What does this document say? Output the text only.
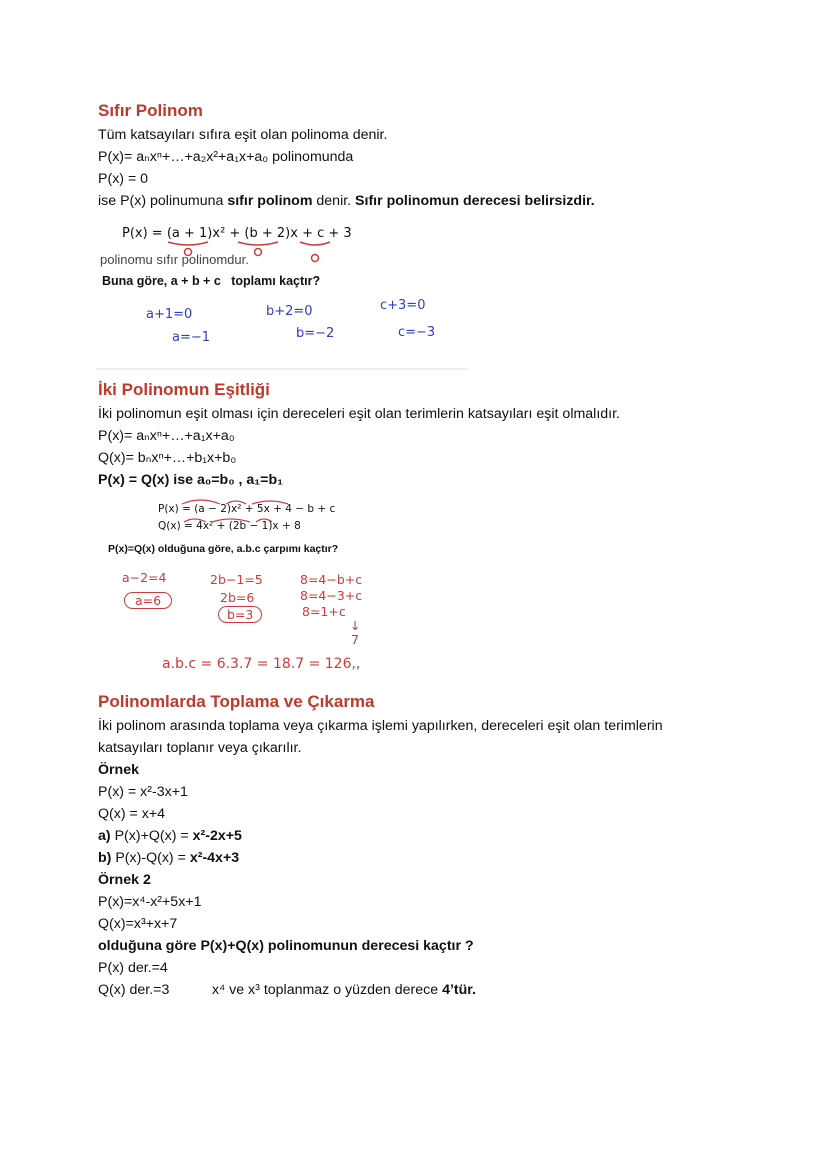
Sıfır Polinom
Tüm katsayıları sıfıra eşit olan polinoma denir.
P(x)= aₙxⁿ+…+a₂x²+a₁x+a₀ polinomunda
P(x) = 0
ise P(x) polinumuna sıfır polinom denir. Sıfır polinomun derecesi belirsizdir.
P(x) = (a + 1)x² + (b + 2)x + c + 3
polinomu sıfır polinomdur.
Buna göre, a + b + c toplamı kaçtır?
a+1=0
a=−1
b+2=0
b=−2
c+3=0
c=−3
İki Polinomun Eşitliği
İki polinomun eşit olması için dereceleri eşit olan terimlerin katsayıları eşit olmalıdır.
P(x)= aₙxⁿ+…+a₁x+a₀
Q(x)= bₙxⁿ+…+b₁x+b₀
P(x) = Q(x) ise a₀=b₀ , a₁=b₁
P(x) = (a − 2)x² + 5x + 4 − b + c
Q(x) = 4x² + (2b − 1)x + 8
P(x)=Q(x) olduğuna göre, a.b.c çarpımı kaçtır?
a−2=4
a=6
2b−1=5
2b=6
b=3
8=4−b+c
8=4−3+c
8=1+c
↓
7
a.b.c = 6.3.7 = 18.7 = 126,,
Polinomlarda Toplama ve Çıkarma
İki polinom arasında toplama veya çıkarma işlemi yapılırken, dereceleri eşit olan terimlerin
katsayıları toplanır veya çıkarılır.
Örnek
P(x) = x²-3x+1
Q(x) = x+4
a) P(x)+Q(x) = x²-2x+5
b) P(x)-Q(x) = x²-4x+3
Örnek 2
P(x)=x⁴-x²+5x+1
Q(x)=x³+x+7
olduğuna göre P(x)+Q(x) polinomunun derecesi kaçtır ?
P(x) der.=4
Q(x) der.=3	x⁴ ve x³ toplanmaz o yüzden derece 4’tür.
